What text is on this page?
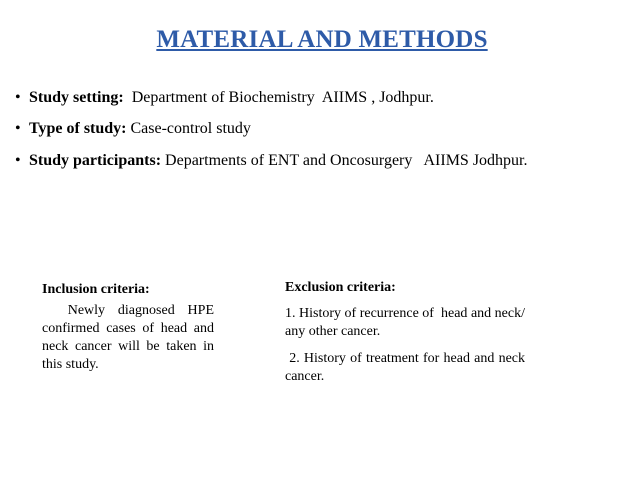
MATERIAL AND METHODS
• Study setting:  Department of Biochemistry  AIIMS , Jodhpur.
• Type of study: Case-control study
• Study participants: Departments of ENT and Oncosurgery   AIIMS Jodhpur.
Inclusion criteria:
Newly diagnosed HPE confirmed cases of head and neck cancer will be taken in this study.
Exclusion criteria:
1. History of recurrence of  head and neck/ any other cancer.
2. History of treatment for head and neck cancer.
